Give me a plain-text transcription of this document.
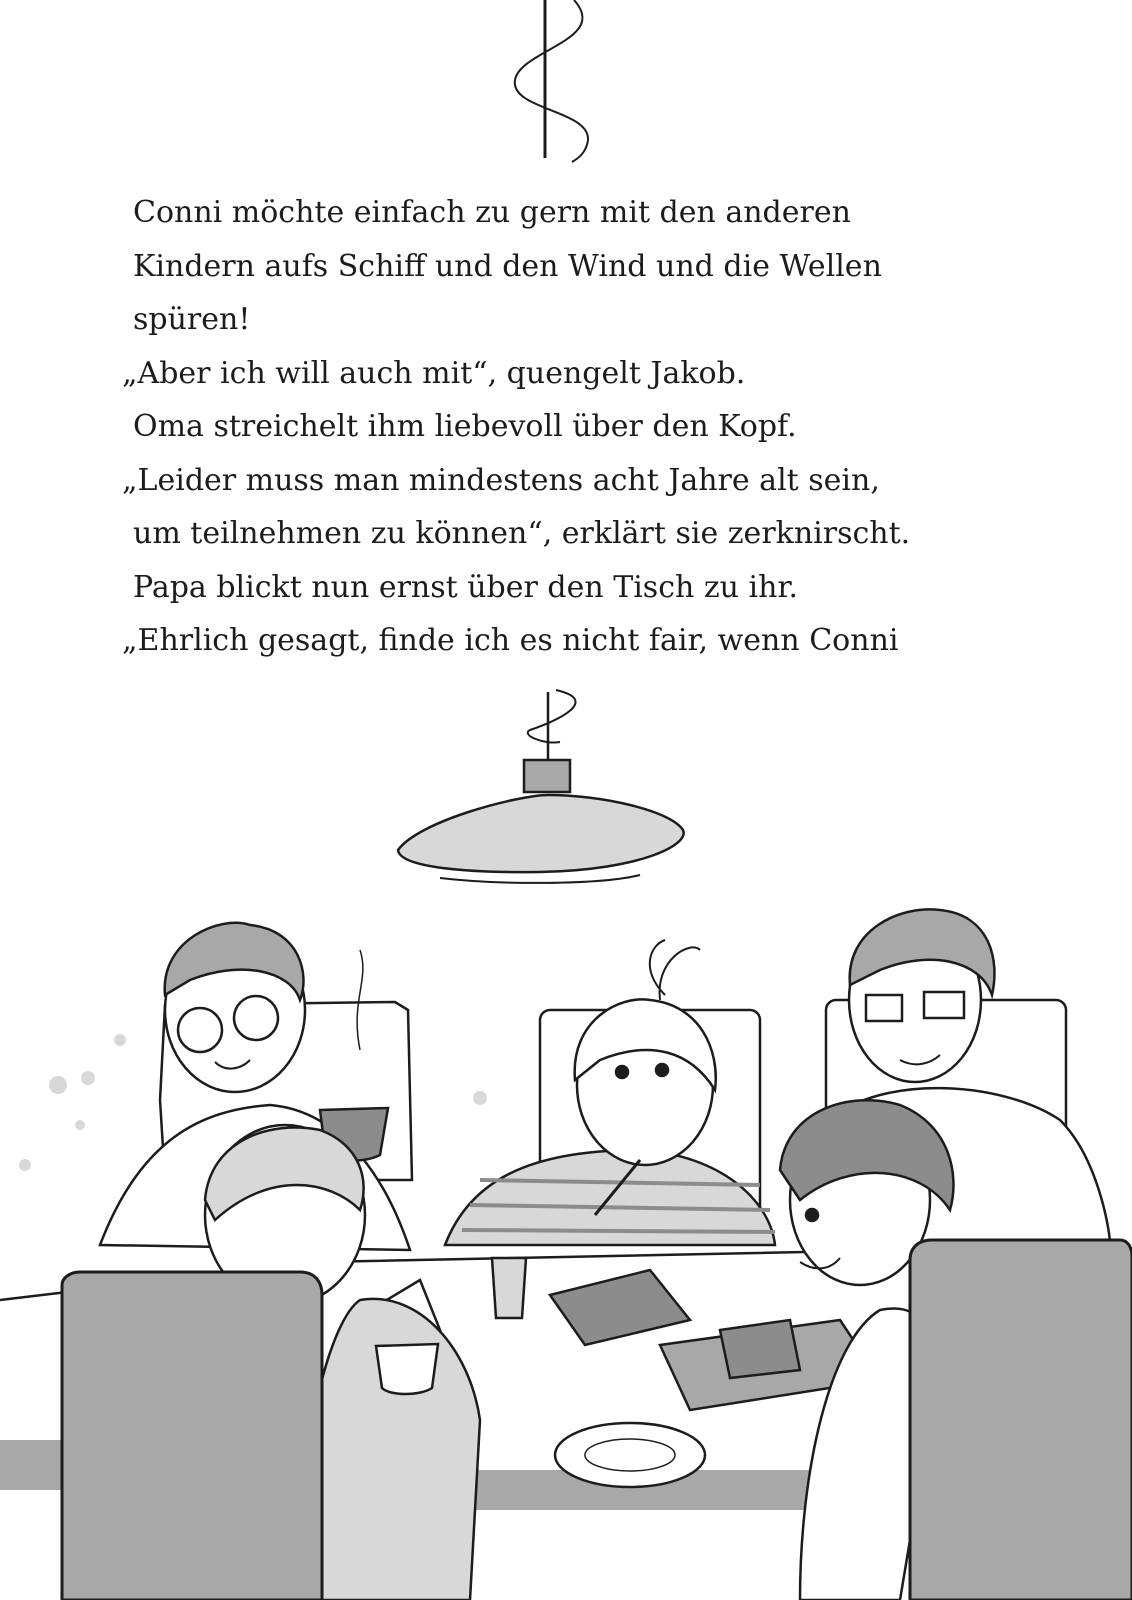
Conni möchte einfach zu gern mit den anderen
Kindern aufs Schiff und den Wind und die Wellen
spüren!
„Aber ich will auch mit“, quengelt Jakob.
Oma streichelt ihm liebevoll über den Kopf.
„Leider muss man mindestens acht Jahre alt sein,
um teilnehmen zu können“, erklärt sie zerknirscht.
Papa blickt nun ernst über den Tisch zu ihr.
„Ehrlich gesagt, finde ich es nicht fair, wenn Conni
